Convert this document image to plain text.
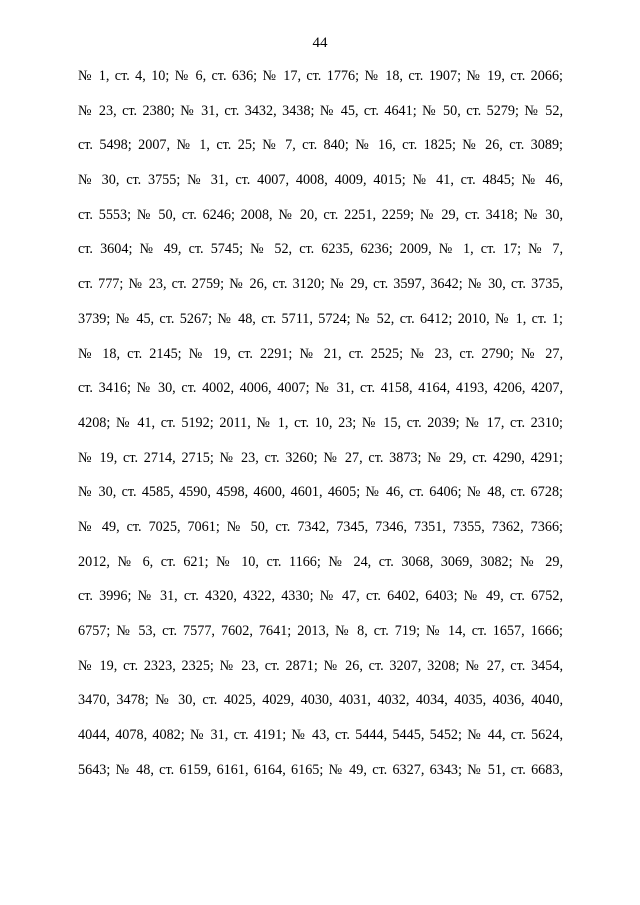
44
№ 1, ст. 4, 10; № 6, ст. 636; № 17, ст. 1776; № 18, ст. 1907; № 19, ст. 2066;
№ 23, ст. 2380; № 31, ст. 3432, 3438; № 45, ст. 4641; № 50, ст. 5279; № 52,
ст. 5498; 2007, № 1, ст. 25; № 7, ст. 840; № 16, ст. 1825; № 26, ст. 3089;
№ 30, ст. 3755; № 31, ст. 4007, 4008, 4009, 4015; № 41, ст. 4845; № 46,
ст. 5553; № 50, ст. 6246; 2008, № 20, ст. 2251, 2259; № 29, ст. 3418; № 30,
ст. 3604; № 49, ст. 5745; № 52, ст. 6235, 6236; 2009, № 1, ст. 17; № 7,
ст. 777; № 23, ст. 2759; № 26, ст. 3120; № 29, ст. 3597, 3642; № 30, ст. 3735,
3739; № 45, ст. 5267; № 48, ст. 5711, 5724; № 52, ст. 6412; 2010, № 1, ст. 1;
№ 18, ст. 2145; № 19, ст. 2291; № 21, ст. 2525; № 23, ст. 2790; № 27,
ст. 3416; № 30, ст. 4002, 4006, 4007; № 31, ст. 4158, 4164, 4193, 4206, 4207,
4208; № 41, ст. 5192; 2011, № 1, ст. 10, 23; № 15, ст. 2039; № 17, ст. 2310;
№ 19, ст. 2714, 2715; № 23, ст. 3260; № 27, ст. 3873; № 29, ст. 4290, 4291;
№ 30, ст. 4585, 4590, 4598, 4600, 4601, 4605; № 46, ст. 6406; № 48, ст. 6728;
№ 49, ст. 7025, 7061; № 50, ст. 7342, 7345, 7346, 7351, 7355, 7362, 7366;
2012, № 6, ст. 621; № 10, ст. 1166; № 24, ст. 3068, 3069, 3082; № 29,
ст. 3996; № 31, ст. 4320, 4322, 4330; № 47, ст. 6402, 6403; № 49, ст. 6752,
6757; № 53, ст. 7577, 7602, 7641; 2013, № 8, ст. 719; № 14, ст. 1657, 1666;
№ 19, ст. 2323, 2325; № 23, ст. 2871; № 26, ст. 3207, 3208; № 27, ст. 3454,
3470, 3478; № 30, ст. 4025, 4029, 4030, 4031, 4032, 4034, 4035, 4036, 4040,
4044, 4078, 4082; № 31, ст. 4191; № 43, ст. 5444, 5445, 5452; № 44, ст. 5624,
5643; № 48, ст. 6159, 6161, 6164, 6165; № 49, ст. 6327, 6343; № 51, ст. 6683,
